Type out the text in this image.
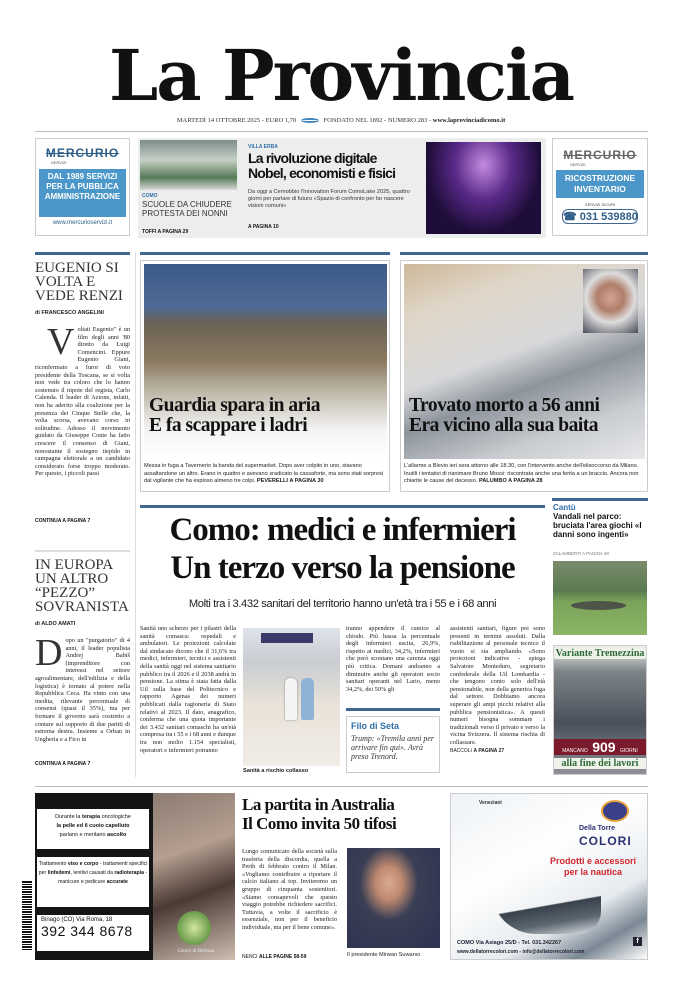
La Provincia
MARTEDÌ 14 OTTOBRE 2025 - EURO 1,70	FONDATO NEL 1892 - NUMERO 283 - www.laprovinciadicomo.it
MERCURIO
SERVIZI
DAL 1989 SERVIZI PER LA PUBBLICA AMMINISTRAZIONE
www.mercurioservizi.it
COMO
SCUOLE DA CHIUDERE PROTESTA DEI NONNI
TOFFI A PAGINA 29
VILLA ERBA
La rivoluzione digitale
Nobel, economisti e fisici
Da oggi a Cernobbio l'Innovation Forum ComoLake 2025, quattro giorni per parlare di futuro «Spazio di confronto per far nascere visioni comuni»
A PAGINA 10
MERCURIO
SERVIZI
RICOSTRUZIONE INVENTARIO
SERVIZI SICURI
☎ 031 539880
EUGENIO SI VOLTA E VEDE RENZI
di FRANCESCO ANGELINI
Voltati Eugenio" è un film degli anni '80 diretto da Luigi Comencini. Eppure Eugenio Giani, riconfermato a furor di voto presidente della Toscana, se si volta non vede tra coloro che lo hanno sostenuto il nipote del regista, Carlo Calenda. Il leader di Azione, infatti, non ha aderito alla coalizione per la presenza dei Cinque Stelle che, la volta scorsa, avevano corso in solitudine. Adesso il movimento guidato da Giuseppe Conte ha fatto crescere il consenso di Giani, nonostante il sostegno tiepido in campagna elettorale a un candidato considerato forse troppo moderato. Per questo, i piccoli passi
CONTINUA A PAGINA 7
IN EUROPA UN ALTRO “PEZZO” SOVRANISTA
di ALDO AMATI
Dopo un "purgatorio" di 4 anni, il leader populista Andrej Babiš (imprenditore con interessi nel settore agroalimentare, dell'edilizia e della logistica) è tornato al potere nella Repubblica Ceca. Ha vinto con una inedita, rilevante percentuale di consensi (quasi il 35%), ma per formare il governo sarà costretto a contare sul supporto di due partiti di estrema destra. Insieme a Orban in Ungheria e a Fico in
CONTINUA A PAGINA 7
Guardia spara in aria
E fa scappare i ladri
Messa in fuga a Tavernerio la banda del supermarket. Dopo aver colpito in uno, stavano assaltandone un altro. Erano in quattro e avevano sradicato la cassaforte, ma sono stati sorpresi dal vigilante che ha esploso almeno tre colpi. PEVERELLI A PAGINA 30
Trovato morto a 56 anni
Era vicino alla sua baita
L'allarme a Blevio ieri sera attorno alle 18.30, con l'intervento anche dell'elisoccorso da Milano. Inutili i tentativi di rianimare Bruno Mossi: riscontrata anche una ferita a un braccio. Ancora non chiarite le cause del decesso. PALUMBO A PAGINA 28
Como: medici e infermieri
Un terzo verso la pensione
Molti tra i 3.432 sanitari del territorio hanno un'età tra i 55 e i 68 anni
Sanità uno scherzo per i pilastri della sanità comasca: ospedali e ambulatori. Le proiezioni calcolate dal sindacato dicono che il 31,6% tra medici, infermieri, tecnici e assistenti della sanità oggi nel sistema sanitario pubblico tra il 2026 e il 2038 andrà in pensione. La stima è stata fatta dalla Uil sulla base del Politecnico e rapporto Agenas dei numeri pubblicati dalla ragioneria di Stato relativi al 2023. Il dato, anagrafico, conferma che una quota importante dei 3.432 sanitari comaschi ha un'età compresa tra i 55 e i 68 anni e dunque tra non molto 1.154 specialisti, operatori e infermieri potranno
Sanità a rischio collasso
tranno appendere il camice al chiodo. Più bassa la percentuale degli infermieri uscita, 26,9%, rispetto ai medici, 34,2%, infermieri che però scontano una carenza oggi più critica. Domani andranno a diminuire anche gli operatori socio sanitari operanti nel Lario, meno 34,2%, dei 50% gli
Filo di Seta
Trump: «Tremila anni per arrivare fin qui». Avrà preso Trenord.
assistenti sanitari, figure poi sono presenti in termini assoluti. Dalla riabilitazione al personale tecnico il vuoto si sta ampliando. «Sono proiezioni indicative - spiega Salvatore Monteduro, segretario confederale della Uil Lombardia - che tengono conto solo dell'età pensionabile, non della generica fuga dal settore. Dobbiamo ancora superare gli ampi picchi relativi alla pubblica pensionistica». A questi numeri bisogna sommare i tradizionali verso il privato e verso la vicina Svizzera. Il sistema rischia di collassare.
BACCOLI A PAGINA 27
Cantù
Vandali nel parco: bruciata l'area giochi «I danni sono ingenti»
ZALAMBERTI A PAGINA 48
Variante Tremezzina
MANCANO 909 GIORNI
alla fine dei lavori
Durante la terapia oncologiche
la pelle ed il cuoio capelluto
parlano e meritano ascolto
Trattamento viso e corpo - trattamenti specifici per linfedemi, lenitivi causati da radioterapia - manicure e pedicure accurate
Binago (CO) Via Roma, 18
392 344 8678
Centro di Bellezza
La partita in Australia
Il Como invita 50 tifosi
Lungo comunicato della società sulla trasferta della discordia, quella a Perth di febbraio contro il Milan. «Vogliamo contribuire a riportare il calcio italiano al top. Inviteremo un gruppo di cinquanta sostenitori. «Siamo consapevoli che questo viaggio potrebbe richiedere sacrifici. Tuttavia, a volte il sacrificio è essenziale, non per il beneficio individuale, ma per il bene comune».
NENCI ALLE PAGINE 58-59	Il presidente Mirwan Suwarso
Veneziani
Della Torre
COLORI
Prodotti e accessori
per la nautica
COMO Via Asiago 25/D - Tel. 031.342267	f
www.dellatorrecolori.com - info@dellatorrecolori.com
